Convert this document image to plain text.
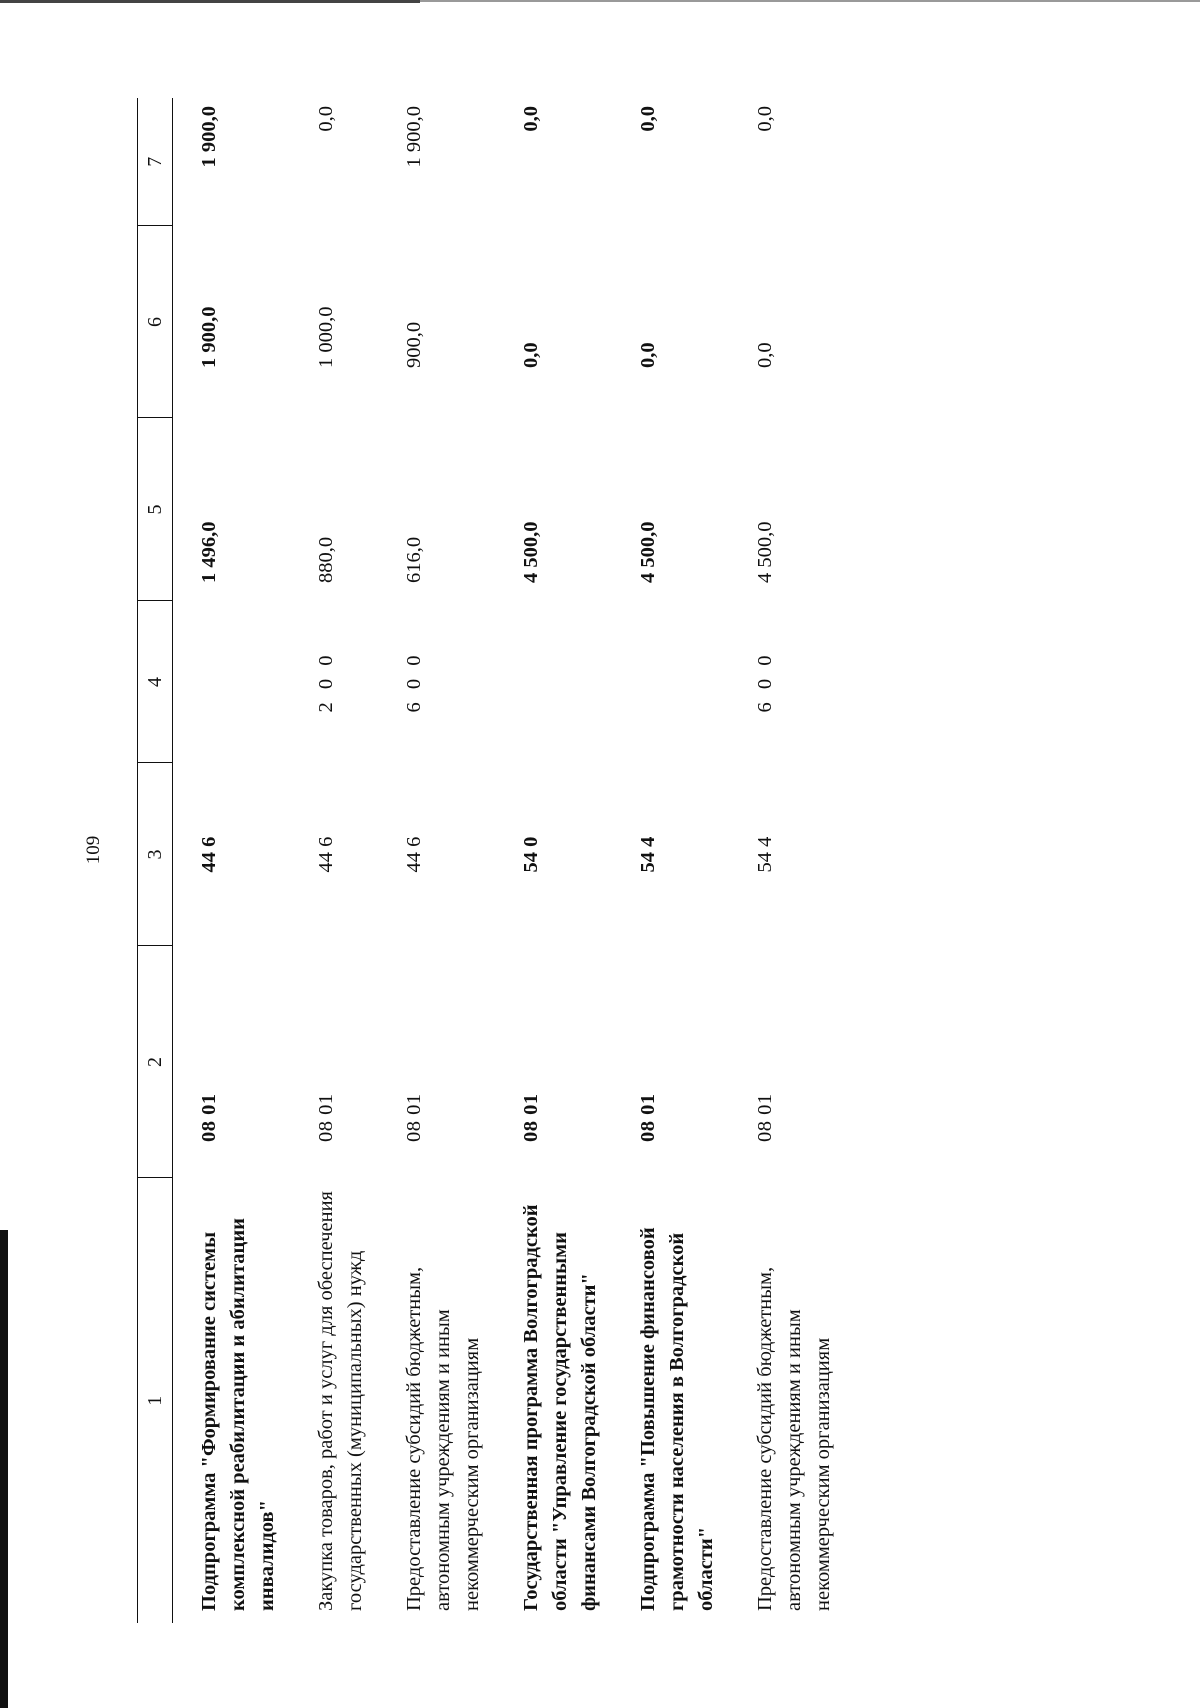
109
1	2	3	4	5	6	7

Подпрограмма "Формирование системы комплексной реабилитации и абилитации инвалидов"	08 01	44 6		1 496,0	1 900,0	1 900,0
Закупка товаров, работ и услуг для обеспечения государственных (муниципальных) нужд	08 01	44 6	2 0 0	880,0	1 000,0	0,0
Предоставление субсидий бюджетным, автономным учреждениям и иным некоммерческим организациям	08 01	44 6	6 0 0	616,0	900,0	1 900,0
Государственная программа Волгоградской области "Управление государственными финансами Волгоградской области"	08 01	54 0		4 500,0	0,0	0,0
Подпрограмма "Повышение финансовой грамотности населения в Волгоградской области"	08 01	54 4		4 500,0	0,0	0,0
Предоставление субсидий бюджетным, автономным учреждениям и иным некоммерческим организациям	08 01	54 4	6 0 0	4 500,0	0,0	0,0
